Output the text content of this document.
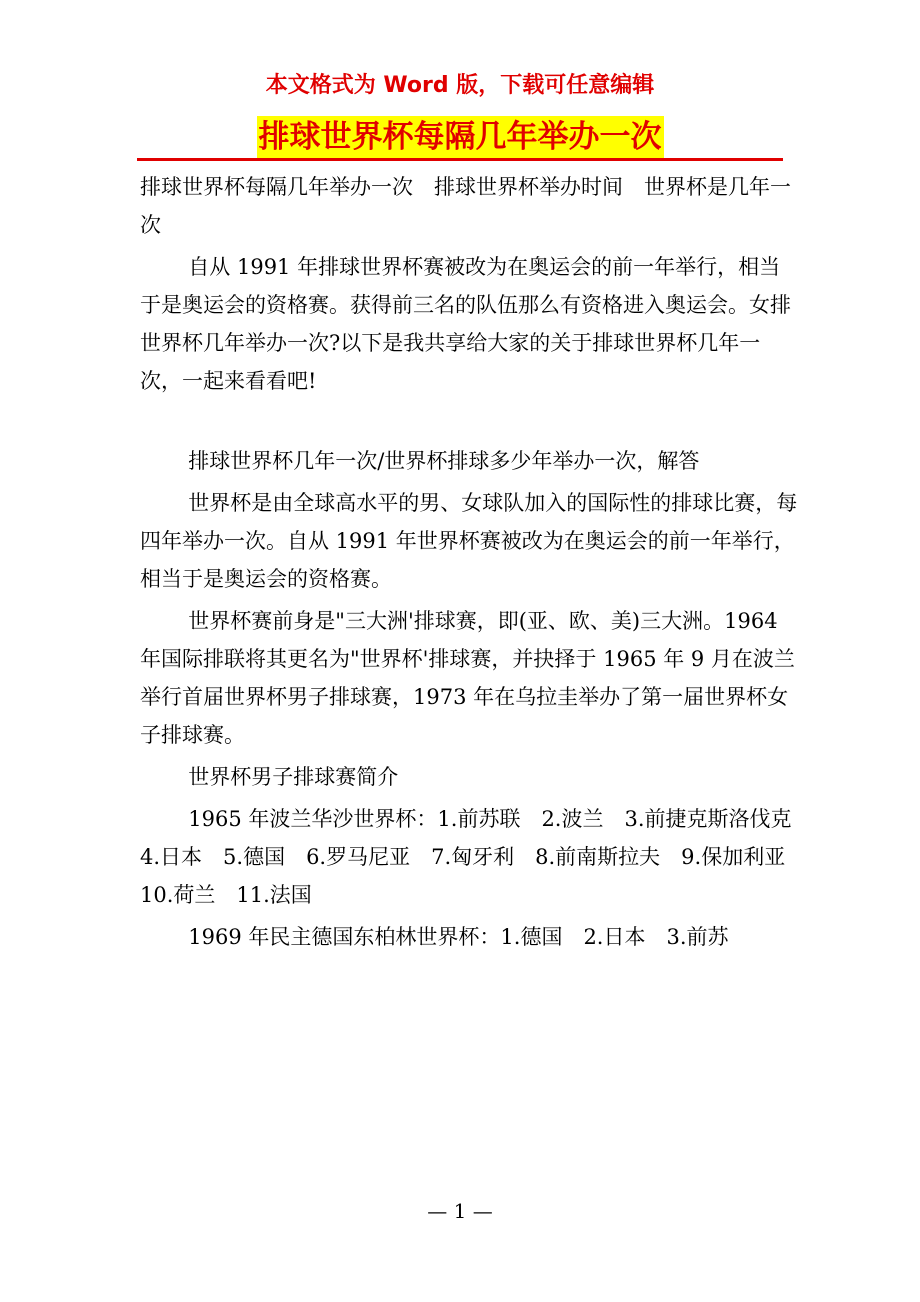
本文格式为 Word 版，下载可任意编辑
排球世界杯每隔几年举办一次

排球世界杯每隔几年举办一次　排球世界杯举办时间　世界杯是几年一次

自从 1991 年排球世界杯赛被改为在奥运会的前一年举行，相当于是奥运会的资格赛。获得前三名的队伍那么有资格进入奥运会。女排世界杯几年举办一次?以下是我共享给大家的关于排球世界杯几年一次，一起来看看吧!

排球世界杯几年一次/世界杯排球多少年举办一次，解答

世界杯是由全球高水平的男、女球队加入的国际性的排球比赛，每四年举办一次。自从 1991 年世界杯赛被改为在奥运会的前一年举行，相当于是奥运会的资格赛。

世界杯赛前身是"三大洲'排球赛，即(亚、欧、美)三大洲。1964 年国际排联将其更名为"世界杯'排球赛，并抉择于 1965 年 9 月在波兰举行首届世界杯男子排球赛，1973 年在乌拉圭举办了第一届世界杯女子排球赛。

世界杯男子排球赛简介

1965 年波兰华沙世界杯：1.前苏联　2.波兰　3.前捷克斯洛伐克　4.日本　5.德国　6.罗马尼亚　7.匈牙利　8.前南斯拉夫　9.保加利亚　10.荷兰　11.法国

1969 年民主德国东柏林世界杯：1.德国　2.日本　3.前苏

— 1 —
